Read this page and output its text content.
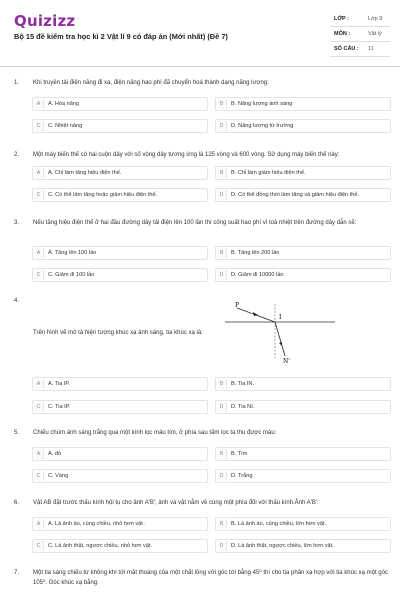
Quizizz
Bộ 15 đề kiểm tra học kì 2 Vật lí 9 có đáp án (Mới nhất) (Đề 7)
LỚP :	Lớp 9
MÔN :	Vật lý
SỐ CÂU : 11
1. Khi truyền tải điện năng đi xa, điện năng hao phí đã chuyển hoá thành dạng năng lượng:
A	A. Hóa năng	B	B. Năng lượng ánh sáng
C	C. Nhiệt năng	D	D. Năng lượng từ trường
2. Một máy biến thế có hai cuộn dây với số vòng dây tương ứng là 125 vòng và 600 vòng. Sử dụng máy biến thế này:
A	A. Chỉ làm tăng hiệu điện thế.	B	B. Chỉ làm giảm hiệu điện thế.
C	C. Có thể làm tăng hoặc giảm hiệu điện thế.	D	D. Có thể đồng thời làm tăng và giảm hiệu điện thế.
3. Nếu tăng hiệu điện thế ở hai đầu đường dây tải điện lên 100 lần thì công suất hao phí vì toả nhiệt trên đường dây dẫn sẽ:
A	A. Tăng lên 100 lần	B	B. Tăng lên 200 lần
C	C. Giảm đi 100 lần	D	D. Giảm đi 10000 lần
4.
Trên hình vẽ mô tả hiện tượng khúc xạ ánh sáng, tia khúc xạ là:
P
I
N'
A	A. Tia IP.	B	B. Tia IN.
C	C. Tia IP.	D	D. Tia NI.
5. Chiếu chùm ánh sáng trắng qua một kính lọc màu tím, ở phía sau tấm lọc ta thu được màu:
A	A. đỏ	B	B. Tím
C	C. Vàng	D	D. Trắng
6. Vật AB đặt trước thấu kính hội tụ cho ảnh A'B'; ảnh và vật nằm về cùng một phía đối với thấu kính.Ảnh A'B':
A	A. Là ảnh ảo, cùng chiều, nhỏ hơn vật .	B	B. Là ảnh ảo, cùng chiều, lớn hơn vật.
C	C. Là ảnh thật, ngược chiều, nhỏ hơn vật.	D	D. Là ảnh thật, ngược chiều, lớn hơn vật.
7. Một tia sáng chiếu từ không khí tới mặt thoáng của một chất lỏng với góc tới bằng 45⁰ thì cho tia phản xạ hợp với tia khúc xạ một góc 105⁰. Góc khúc xạ bằng:
